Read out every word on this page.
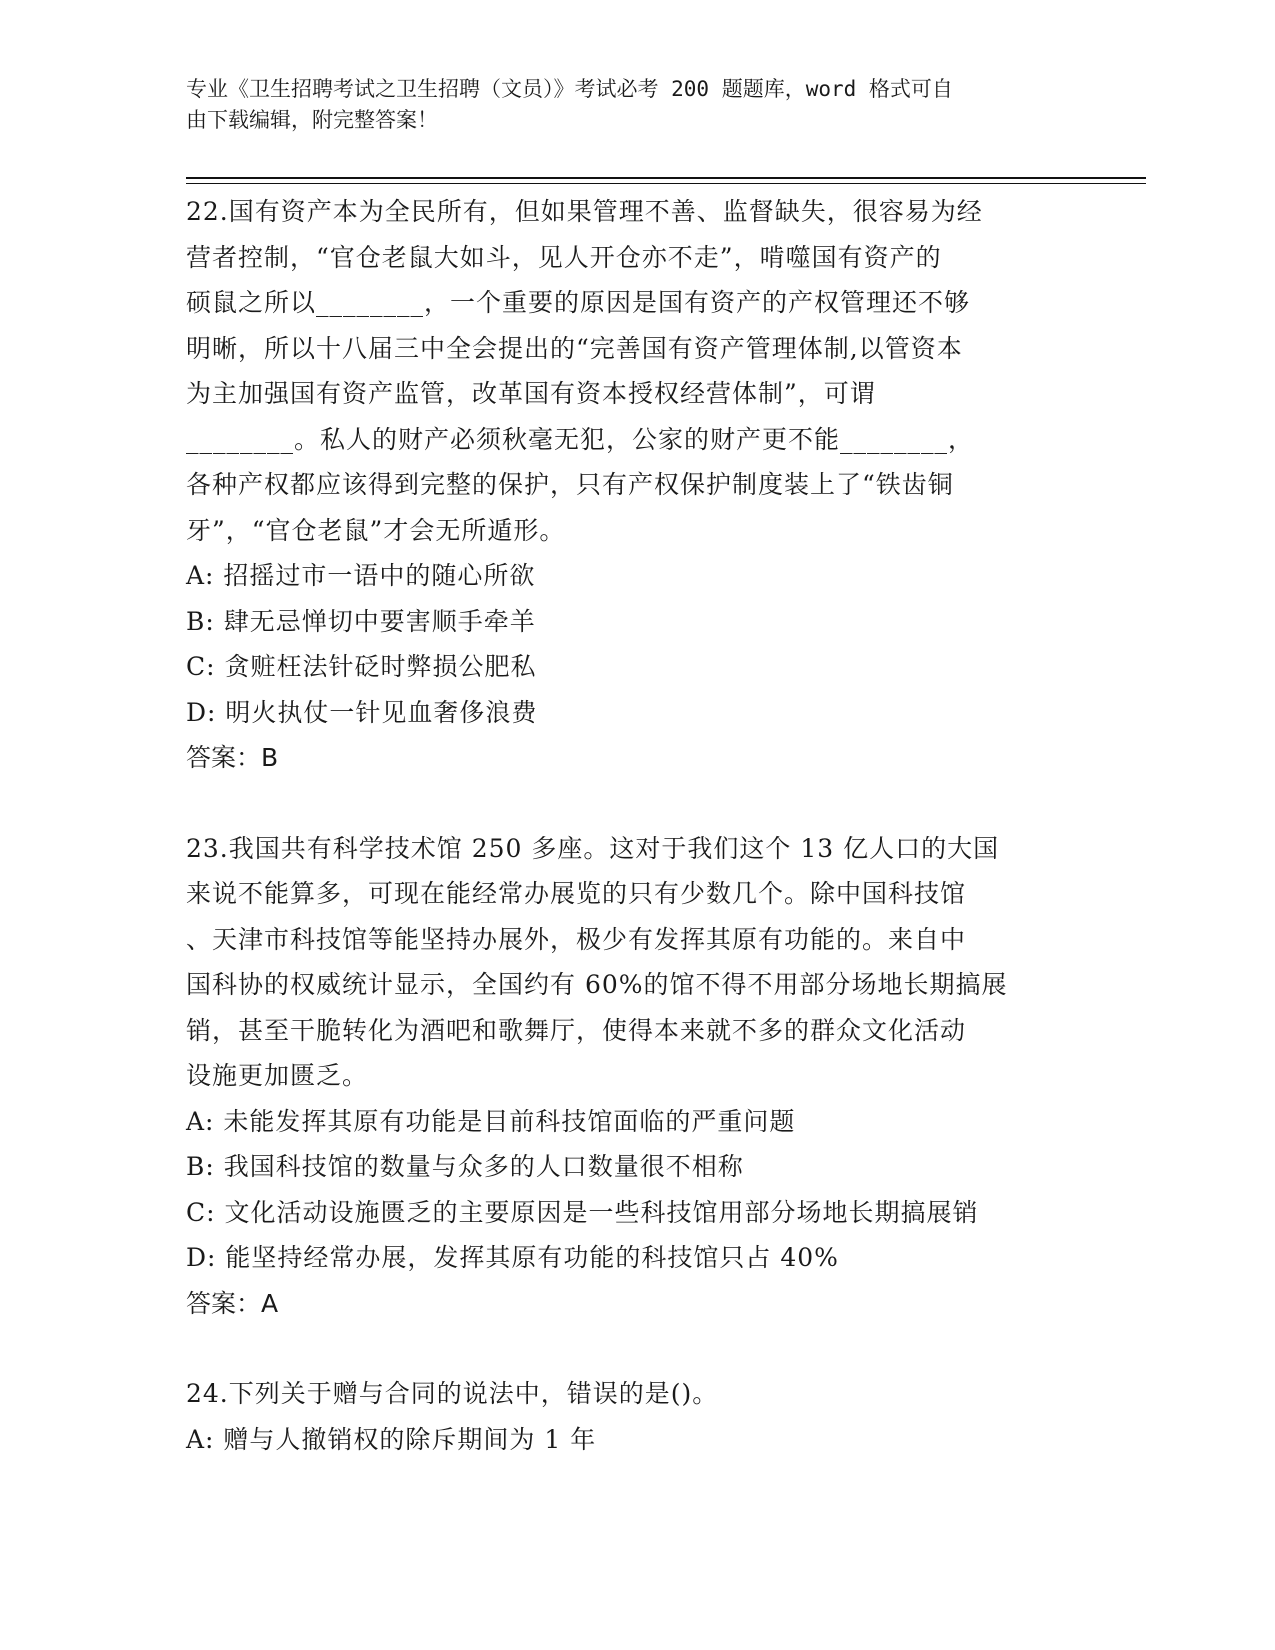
专业《卫生招聘考试之卫生招聘（文员）》考试必考 200 题题库，word 格式可自
由下载编辑，附完整答案！
22.国有资产本为全民所有，但如果管理不善、监督缺失，很容易为经
营者控制，“官仓老鼠大如斗，见人开仓亦不走”，啃噬国有资产的
硕鼠之所以________，一个重要的原因是国有资产的产权管理还不够
明晰，所以十八届三中全会提出的“完善国有资产管理体制,以管资本
为主加强国有资产监管，改革国有资本授权经营体制”，可谓
________。私人的财产必须秋毫无犯，公家的财产更不能________，
各种产权都应该得到完整的保护，只有产权保护制度装上了“铁齿铜
牙”，“官仓老鼠”才会无所遁形。
A: 招摇过市一语中的随心所欲
B: 肆无忌惮切中要害顺手牵羊
C: 贪赃枉法针砭时弊损公肥私
D: 明火执仗一针见血奢侈浪费
答案：B
23.我国共有科学技术馆 250 多座。这对于我们这个 13 亿人口的大国
来说不能算多，可现在能经常办展览的只有少数几个。除中国科技馆
、天津市科技馆等能坚持办展外，极少有发挥其原有功能的。来自中
国科协的权威统计显示，全国约有 60%的馆不得不用部分场地长期搞展
销，甚至干脆转化为酒吧和歌舞厅，使得本来就不多的群众文化活动
设施更加匮乏。
A: 未能发挥其原有功能是目前科技馆面临的严重问题
B: 我国科技馆的数量与众多的人口数量很不相称
C: 文化活动设施匮乏的主要原因是一些科技馆用部分场地长期搞展销
D: 能坚持经常办展，发挥其原有功能的科技馆只占 40%
答案：A
24.下列关于赠与合同的说法中，错误的是()。
A: 赠与人撤销权的除斥期间为 1 年
